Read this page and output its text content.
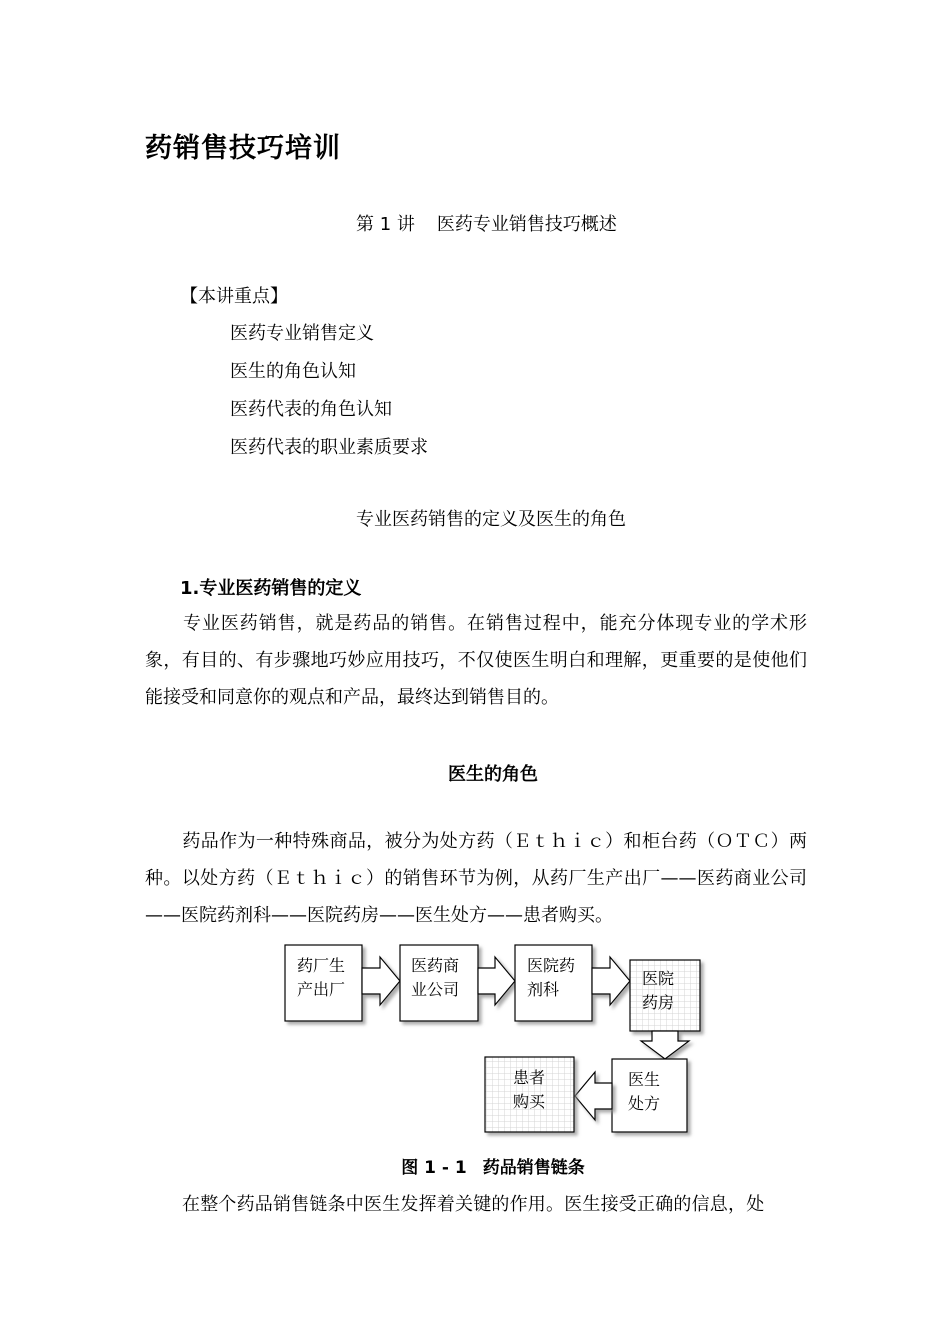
药销售技巧培训
第 1 讲 医药专业销售技巧概述
【本讲重点】
医药专业销售定义
医生的角色认知
医药代表的角色认知
医药代表的职业素质要求
专业医药销售的定义及医生的角色
1.专业医药销售的定义
专业医药销售，就是药品的销售。在销售过程中，能充分体现专业的学术形象，有目的、有步骤地巧妙应用技巧，不仅使医生明白和理解，更重要的是使他们能接受和同意你的观点和产品，最终达到销售目的。
医生的角色
药品作为一种特殊商品，被分为处方药（Ｅｔｈｉｃ）和柜台药（ＯＴＣ）两种。以处方药（Ｅｔｈｉｃ）的销售环节为例，从药厂生产出厂——医药商业公司——医院药剂科——医院药房——医生处方——患者购买。
药厂生
产出厂
医药商
业公司
医院药
剂科
医院
药房
医生
处方
患者
购买
图 1 - 1 药品销售链条
在整个药品销售链条中医生发挥着关键的作用。医生接受正确的信息，处
